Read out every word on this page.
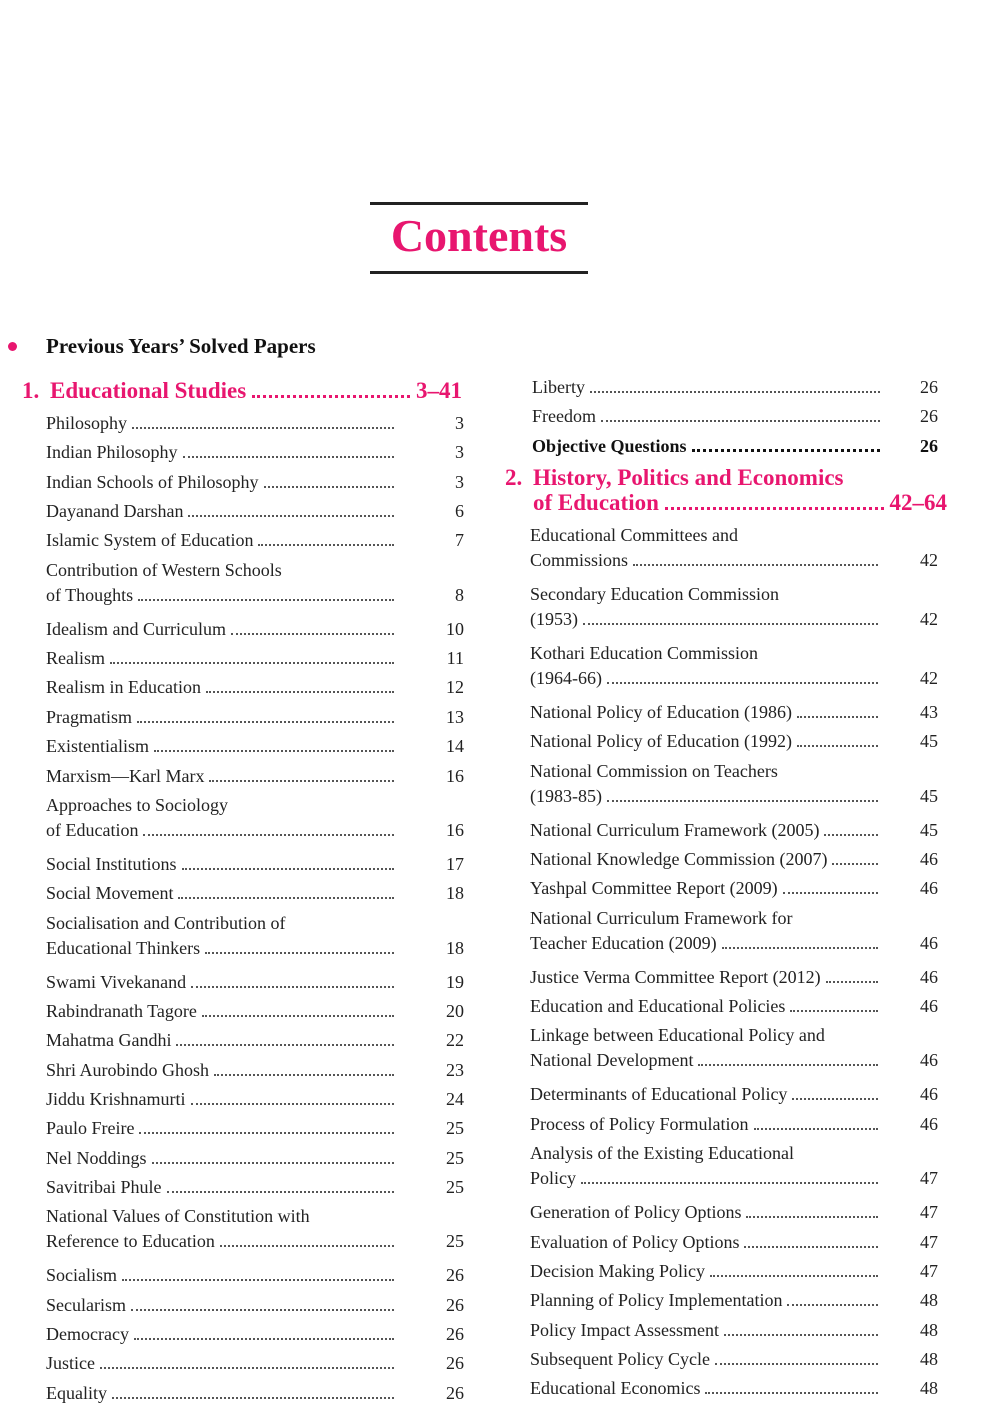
Contents
Previous Years’ Solved Papers
1. Educational Studies	3–41
Philosophy	3
Indian Philosophy	3
Indian Schools of Philosophy	3
Dayanand Darshan	6
Islamic System of Education	7
Contribution of Western Schools
of Thoughts	8
Idealism and Curriculum	10
Realism	11
Realism in Education	12
Pragmatism	13
Existentialism	14
Marxism—Karl Marx	16
Approaches to Sociology
of Education	16
Social Institutions	17
Social Movement	18
Socialisation and Contribution of
Educational Thinkers	18
Swami Vivekanand	19
Rabindranath Tagore	20
Mahatma Gandhi	22
Shri Aurobindo Ghosh	23
Jiddu Krishnamurti	24
Paulo Freire	25
Nel Noddings	25
Savitribai Phule	25
National Values of Constitution with
Reference to Education	25
Socialism	26
Secularism	26
Democracy	26
Justice	26
Equality	26
Liberty	26
Freedom	26
Objective Questions	26
Educational Committees and
Commissions	42
Secondary Education Commission
(1953)	42
Kothari Education Commission
(1964-66)	42
National Policy of Education (1986)	43
National Policy of Education (1992)	45
National Commission on Teachers
(1983-85)	45
National Curriculum Framework (2005)	45
National Knowledge Commission (2007)	46
Yashpal Committee Report (2009)	46
National Curriculum Framework for
Teacher Education (2009)	46
Justice Verma Committee Report (2012)	46
Education and Educational Policies	46
Linkage between Educational Policy and
National Development	46
Determinants of Educational Policy	46
Process of Policy Formulation	46
Analysis of the Existing Educational
Policy	47
Generation of Policy Options	47
Evaluation of Policy Options	47
Decision Making Policy	47
Planning of Policy Implementation	48
Policy Impact Assessment	48
Subsequent Policy Cycle	48
Educational Economics	48
2. History, Politics and Economics
of Education	42–64
